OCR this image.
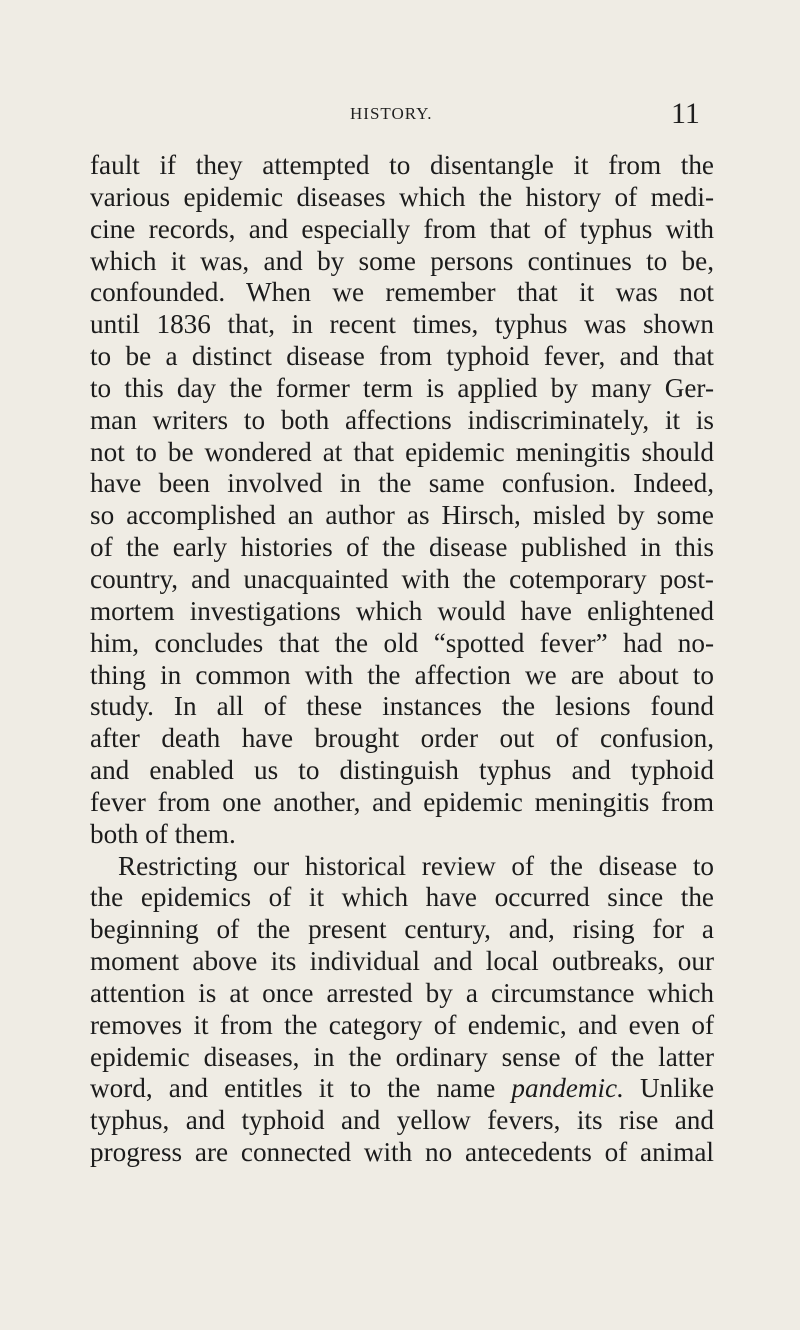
HISTORY.	11
fault if they attempted to disentangle it from the
various epidemic diseases which the history of medi-
cine records, and especially from that of typhus with
which it was, and by some persons continues to be,
confounded. When we remember that it was not
until 1836 that, in recent times, typhus was shown
to be a distinct disease from typhoid fever, and that
to this day the former term is applied by many Ger-
man writers to both affections indiscriminately, it is
not to be wondered at that epidemic meningitis should
have been involved in the same confusion. Indeed,
so accomplished an author as Hirsch, misled by some
of the early histories of the disease published in this
country, and unacquainted with the cotemporary post-
mortem investigations which would have enlightened
him, concludes that the old “spotted fever” had no-
thing in common with the affection we are about to
study. In all of these instances the lesions found
after death have brought order out of confusion,
and enabled us to distinguish typhus and typhoid
fever from one another, and epidemic meningitis from
both of them.
Restricting our historical review of the disease to
the epidemics of it which have occurred since the
beginning of the present century, and, rising for a
moment above its individual and local outbreaks, our
attention is at once arrested by a circumstance which
removes it from the category of endemic, and even of
epidemic diseases, in the ordinary sense of the latter
word, and entitles it to the name pandemic. Unlike
typhus, and typhoid and yellow fevers, its rise and
progress are connected with no antecedents of animal
